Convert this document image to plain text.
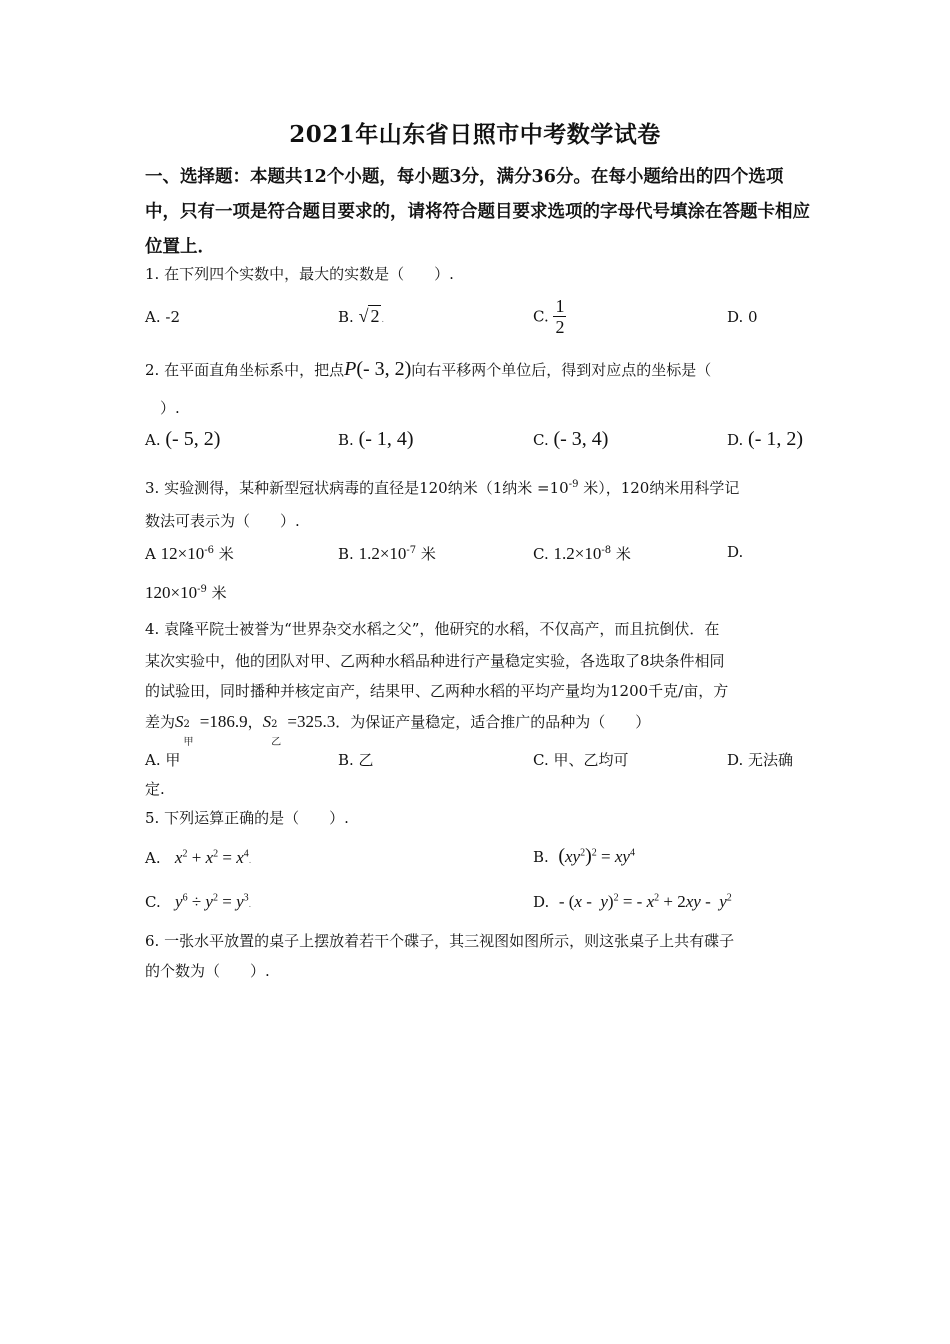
2021年山东省日照市中考数学试卷
一、选择题：本题共12个小题，每小题3分，满分36分。在每小题给出的四个选项中，只有一项是符合题目要求的，请将符合题目要求选项的字母代号填涂在答题卡相应位置上．
1. 在下列四个实数中，最大的实数是（　　）.
A. -2	B. √ 2 .	C. $\frac{1}{2}$	D. 0
2. 在平面直角坐标系中，把点P(- 3, 2)向右平移两个单位后，得到对应点的坐标是（
）.
A. (- 5, 2)	B. (- 1, 4)	C. (- 3, 4)	D. (- 1, 2)
3. 实验测得，某种新型冠状病毒的直径是120纳米（1纳米 $=10^{-9}$ 米），120纳米用科学记
数法可表示为（　　）.
A $12\times 10^{-6}$ 米	B. $1.2\times 10^{-7}$ 米	C. $1.2\times 10^{-8}$ 米	D.
$120\times 10^{-9}$ 米
4. 袁隆平院士被誉为“世界杂交水稻之父”，他研究的水稻，不仅高产，而且抗倒伏．在
某次实验中，他的团队对甲、乙两种水稻品种进行产量稳定实验，各选取了8块条件相同
的试验田，同时播种并核定亩产，结果甲、乙两种水稻的平均产量均为1200千克/亩，方
差为S 2
甲
=186.9，S 2
乙
=325.3．为保证产量稳定，适合推广的品种为（　　）
A. 甲	B. 乙	C. 甲、乙均可	D. 无法确
定.
5. 下列运算正确的是（　　）.
A. $x^2 + x^2 = x^4$.	B. $(xy^2)^2 = xy^4$
C. $y^6 \div y^2 = y^3$.	D. - (x -  y)$^2$ = - $x^2 + 2xy - y^2$
6. 一张水平放置的桌子上摆放着若干个碟子，其三视图如图所示，则这张桌子上共有碟子
的个数为（　　）.
